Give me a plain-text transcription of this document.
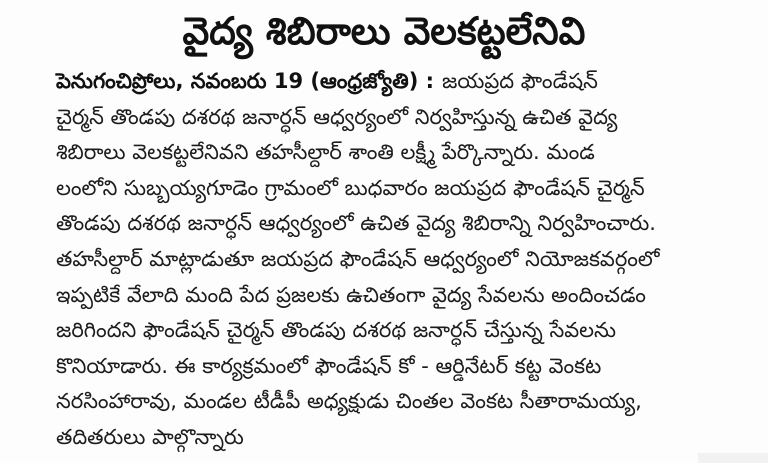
వైద్య శిబిరాలు వెలకట్టలేనివి
పెనుగంచిప్రోలు, నవంబరు 19 (ఆంధ్రజ్యోతి) : జయప్రద ఫౌండేషన్
చైర్మన్ తొండపు దశరథ జనార్ధన్ ఆధ్వర్యంలో నిర్వహిస్తున్న ఉచిత వైద్య
శిబిరాలు వెలకట్టలేనివని తహసీల్దార్ శాంతి లక్ష్మీ పేర్కొన్నారు. మండ
లంలోని సుబ్బయ్యగూడెం గ్రామంలో బుధవారం జయప్రద ఫౌండేషన్ చైర్మన్
తొండపు దశరథ జనార్ధన్ ఆధ్వర్యంలో ఉచిత వైద్య శిబిరాన్ని నిర్వహించారు.
తహసీల్దార్ మాట్లాడుతూ జయప్రద ఫౌండేషన్ ఆధ్వర్యంలో నియోజకవర్గంలో
ఇప్పటికే వేలాది మంది పేద ప్రజలకు ఉచితంగా వైద్య సేవలను అందించడం
జరిగిందని ఫౌండేషన్ చైర్మన్ తొండపు దశరథ జనార్ధన్ చేస్తున్న సేవలను
కొనియాడారు. ఈ కార్యక్రమంలో ఫౌండేషన్ కో - ఆర్డినేటర్ కట్ట వెంకట
నరసింహారావు, మండల టీడీపీ అధ్యక్షుడు చింతల వెంకట సీతారామయ్య,
తదితరులు పాల్గొన్నారు
